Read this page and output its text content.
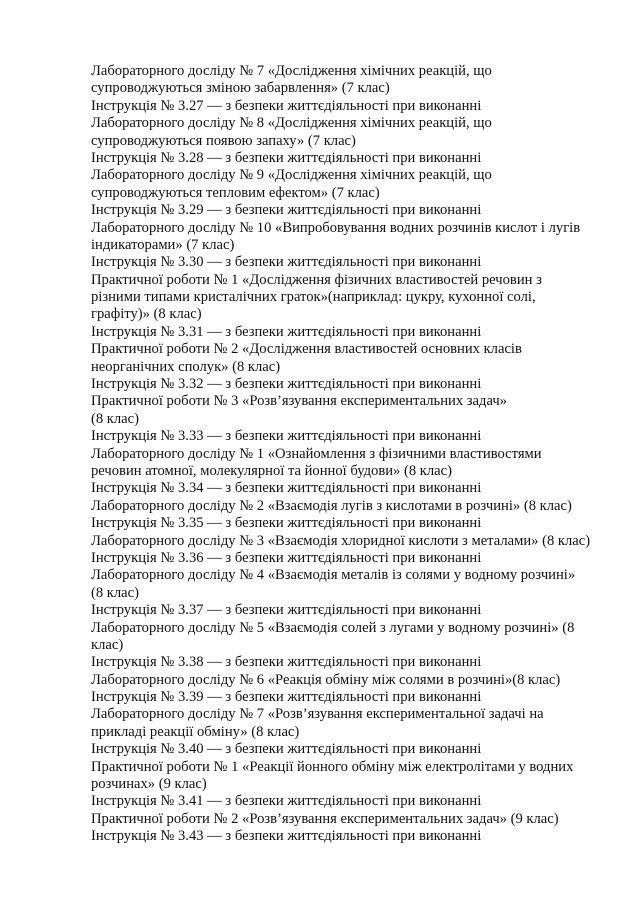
Лабораторного досліду № 7 «Дослідження хімічних реакцій, що
супроводжуються зміною забарвлення» (7 клас)
Інструкція № 3.27 — з безпеки життєдіяльності при виконанні
Лабораторного досліду № 8 «Дослідження хімічних реакцій, що
супроводжуються появою запаху» (7 клас)
Інструкція № 3.28 — з безпеки життєдіяльності при виконанні
Лабораторного досліду № 9 «Дослідження хімічних реакцій, що
супроводжуються тепловим ефектом» (7 клас)
Інструкція № 3.29 — з безпеки життєдіяльності при виконанні
Лабораторного досліду № 10 «Випробовування водних розчинів кислот і лугів
індикаторами» (7 клас)
Інструкція № 3.30 — з безпеки життєдіяльності при виконанні
Практичної роботи № 1 «Дослідження фізичних властивостей речовин з
різними типами кристалічних граток»(наприклад: цукру, кухонної солі,
графіту)» (8 клас)
Інструкція № 3.31 — з безпеки життєдіяльності при виконанні
Практичної роботи № 2 «Дослідження властивостей основних класів
неорганічних сполук» (8 клас)
Інструкція № 3.32 — з безпеки життєдіяльності при виконанні
Практичної роботи № 3 «Розв’язування експериментальних задач»
(8 клас)
Інструкція № 3.33 — з безпеки життєдіяльності при виконанні
Лабораторного досліду № 1 «Ознайомлення з фізичними властивостями
речовин атомної, молекулярної та йонної будови» (8 клас)
Інструкція № 3.34 — з безпеки життєдіяльності при виконанні
Лабораторного досліду № 2 «Взаємодія лугів з кислотами в розчині» (8 клас)
Інструкція № 3.35 — з безпеки життєдіяльності при виконанні
Лабораторного досліду № 3 «Взаємодія хлоридної кислоти з металами» (8 клас)
Інструкція № 3.36 — з безпеки життєдіяльності при виконанні
Лабораторного досліду № 4 «Взаємодія металів із солями у водному розчині»
(8 клас)
Інструкція № 3.37 — з безпеки життєдіяльності при виконанні
Лабораторного досліду № 5 «Взаємодія солей з лугами у водному розчині» (8
клас)
Інструкція № 3.38 — з безпеки життєдіяльності при виконанні
Лабораторного досліду № 6 «Реакція обміну між солями в розчині»(8 клас)
Інструкція № 3.39 — з безпеки життєдіяльності при виконанні
Лабораторного досліду № 7 «Розв’язування експериментальної задачі на
прикладі реакції обміну» (8 клас)
Інструкція № 3.40 — з безпеки життєдіяльності при виконанні
Практичної роботи № 1 «Реакції йонного обміну між електролітами у водних
розчинах» (9 клас)
Інструкція № 3.41 — з безпеки життєдіяльності при виконанні
Практичної роботи № 2 «Розв’язування експериментальних задач» (9 клас)
Інструкція № 3.43 — з безпеки життєдіяльності при виконанні
